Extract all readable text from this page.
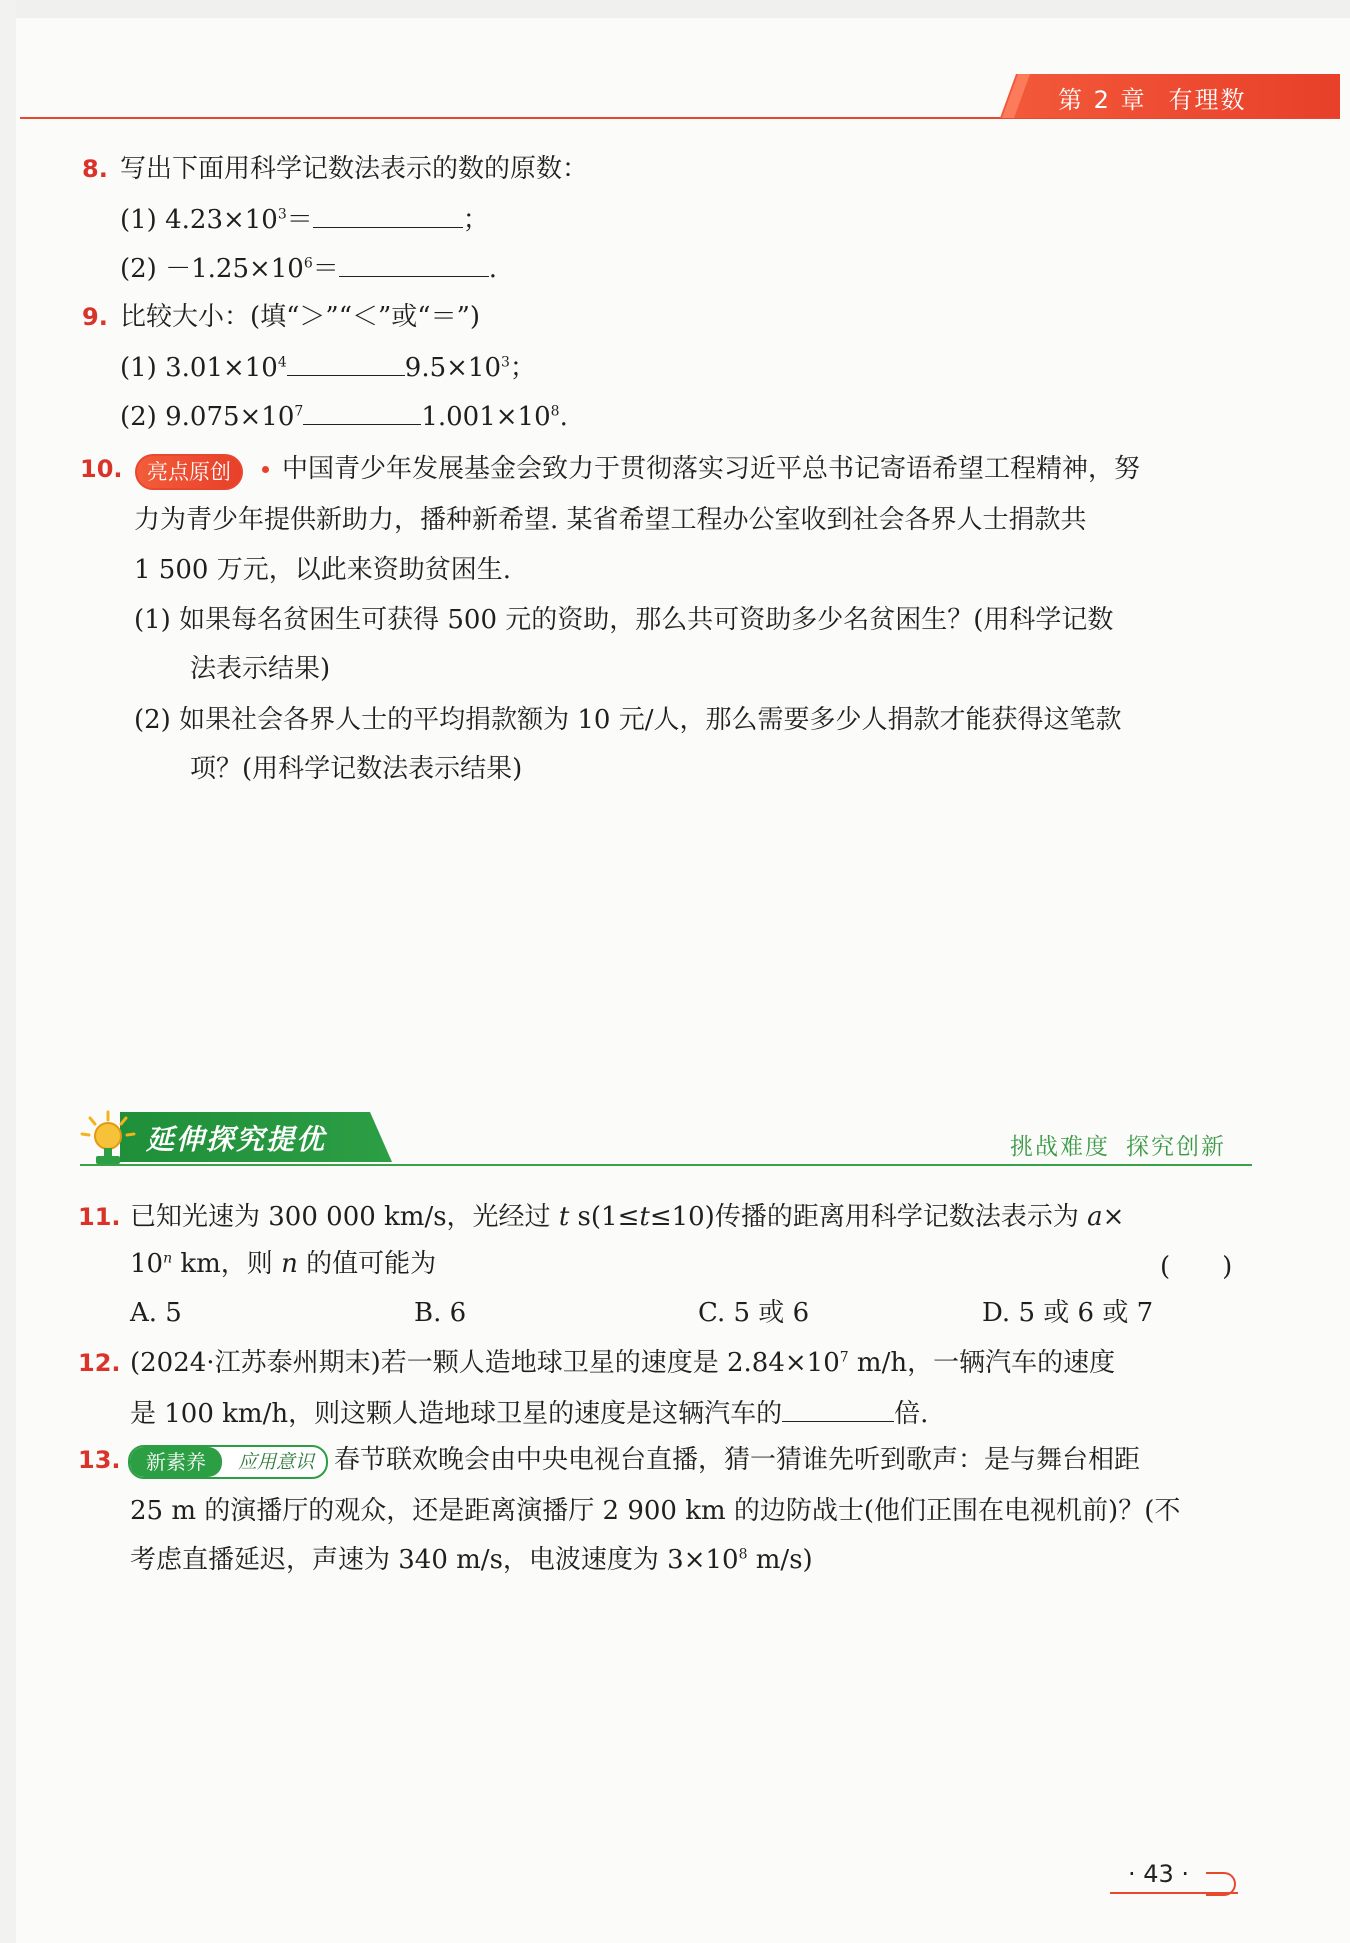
第 2 章 有理数
8. 写出下面用科学记数法表示的数的原数：
(1) $4.23\times 10^3=$	；
$(2) -1.25\times 10^6=$	.
9. 比较大小：(填“＞”“＜”或“＝”)
(1) $3.01\times 10^4$	$9.5\times 10^3$；
(2) $9.075\times 10^7$	$1.001\times 10^8$.
10.	亮点原创	中国青少年发展基金会致力于贯彻落实习近平总书记寄语希望工程精神，努
力为青少年提供新助力，播种新希望. 某省希望工程办公室收到社会各界人士捐款共
1 500 万元，以此来资助贫困生.
(1) 如果每名贫困生可获得 500 元的资助，那么共可资助多少名贫困生？(用科学记数
法表示结果)
(2) 如果社会各界人士的平均捐款额为 10 元/人，那么需要多少人捐款才能获得这笔款
项？(用科学记数法表示结果)
延伸探究提优	挑战难度 探究创新
11. 已知光速为 300 000 km/s，光经过 t s(1≤t≤10)传播的距离用科学记数法表示为 a×
$10^n$ km，则 n 的值可能为	(　　)
A. 5	B. 6	C. 5 或 6	D. 5 或 6 或 7
12. (2024·江苏泰州期末)若一颗人造地球卫星的速度是 $2.84\times 10^7$ m/h，一辆汽车的速度
是 100 km/h，则这颗人造地球卫星的速度是这辆汽车的	倍.
13.	新素养	应用意识 春节联欢晚会由中央电视台直播，猜一猜谁先听到歌声：是与舞台相距
25 m 的演播厅的观众，还是距离演播厅 2 900 km 的边防战士(他们正围在电视机前)？(不
考虑直播延迟，声速为 340 m/s，电波速度为 $3\times 10^8$ m/s)
· 43 ·
